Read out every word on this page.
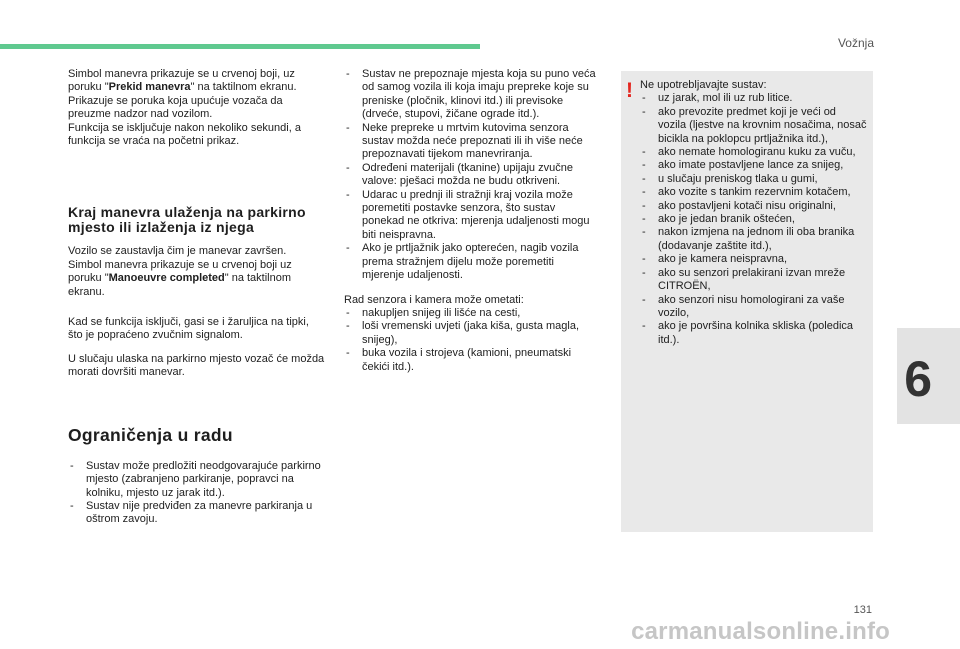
Vožnja

Simbol manevra prikazuje se u crvenoj boji, uz poruku "Prekid manevra" na taktilnom ekranu. Prikazuje se poruka koja upućuje vozača da preuzme nadzor nad vozilom.
Funkcija se isključuje nakon nekoliko sekundi, a funkcija se vraća na početni prikaz.

Kraj manevra ulaženja na parkirno mjesto ili izlaženja iz njega

Vozilo se zaustavlja čim je manevar završen.
Simbol manevra prikazuje se u crvenoj boji uz poruku "Manoeuvre completed" na taktilnom ekranu.

Kad se funkcija isključi, gasi se i žaruljica na tipki, što je popraćeno zvučnim signalom.

U slučaju ulaska na parkirno mjesto vozač će možda morati dovršiti manevar.

Ograničenja u radu
- Sustav može predložiti neodgovarajuće parkirno mjesto (zabranjeno parkiranje, popravci na kolniku, mjesto uz jarak itd.).
- Sustav nije predviđen za manevre parkiranja u oštrom zavoju.
- Sustav ne prepoznaje mjesta koja su puno veća od samog vozila ili koja imaju prepreke koje su preniske (pločnik, klinovi itd.) ili previsoke (drveće, stupovi, žičane ograde itd.).
- Neke prepreke u mrtvim kutovima senzora sustav možda neće prepoznati ili ih više neće prepoznavati tijekom manevriranja.
- Određeni materijali (tkanine) upijaju zvučne valove: pješaci možda ne budu otkriveni.
- Udarac u prednji ili stražnji kraj vozila može poremetiti postavke senzora, što sustav ponekad ne otkriva: mjerenja udaljenosti mogu biti neispravna.
- Ako je prtljažnik jako opterećen, nagib vozila prema stražnjem dijelu može poremetiti mjerenje udaljenosti.

Rad senzora i kamera može ometati:

- nakupljen snijeg ili lišće na cesti,
- loši vremenski uvjeti (jaka kiša, gusta magla, snijeg),
- buka vozila i strojeva (kamioni, pneumatski čekići itd.).
! Ne upotrebljavajte sustav:

- uz jarak, mol ili uz rub litice.
- ako prevozite predmet koji je veći od vozila (ljestve na krovnim nosačima, nosač bicikla na poklopcu prtljažnika itd.),
- ako nemate homologiranu kuku za vuču,
- ako imate postavljene lance za snijeg,
- u slučaju preniskog tlaka u gumi,
- ako vozite s tankim rezervnim kotačem,
- ako postavljeni kotači nisu originalni,
- ako je jedan branik oštećen,
- nakon izmjena na jednom ili oba branika (dodavanje zaštite itd.),
- ako je kamera neispravna,
- ako su senzori prelakirani izvan mreže CITROËN,
- ako senzori nisu homologirani za vaše vozilo,
- ako je površina kolnika skliska (poledica itd.).
6
131
carmanualsonline.info
